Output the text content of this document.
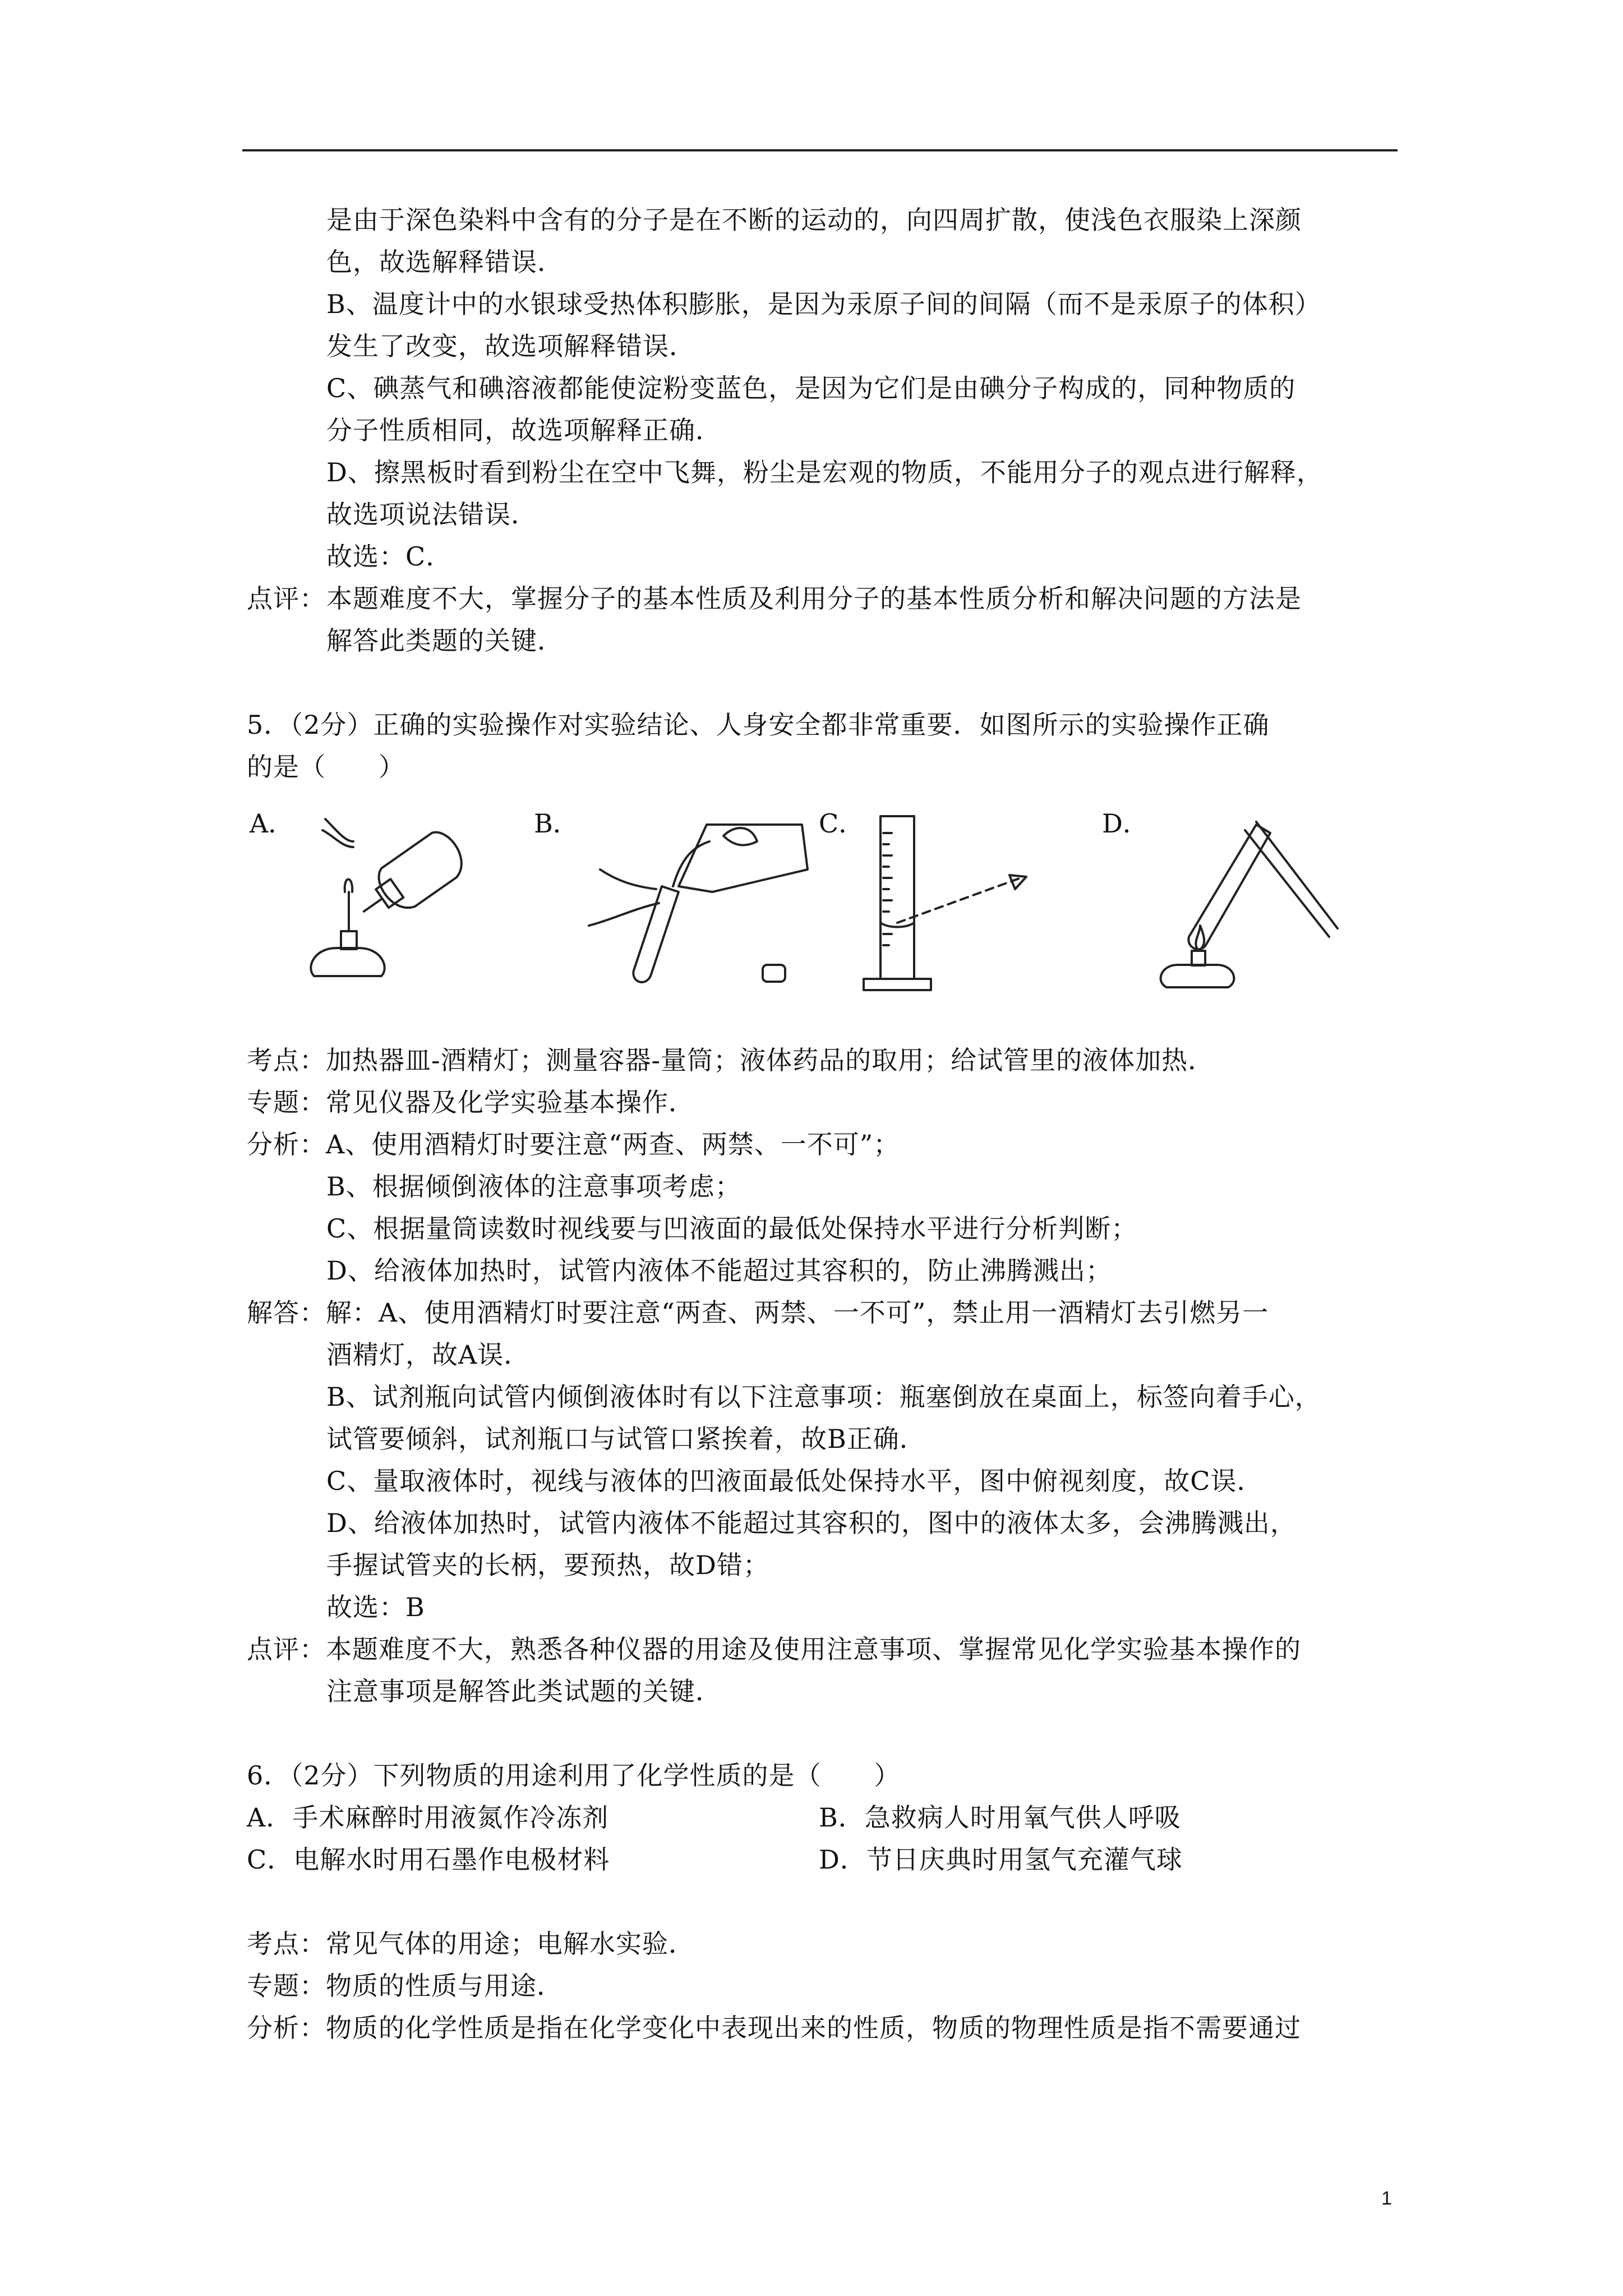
是由于深色染料中含有的分子是在不断的运动的，向四周扩散，使浅色衣服染上深颜
色，故选解释错误．
B、温度计中的水银球受热体积膨胀，是因为汞原子间的间隔（而不是汞原子的体积）
发生了改变，故选项解释错误．
C、碘蒸气和碘溶液都能使淀粉变蓝色，是因为它们是由碘分子构成的，同种物质的
分子性质相同，故选项解释正确．
D、擦黑板时看到粉尘在空中飞舞，粉尘是宏观的物质，不能用分子的观点进行解释，
故选项说法错误．
故选：C．
点评： 本题难度不大，掌握分子的基本性质及利用分子的基本性质分析和解决问题的方法是
解答此类题的关键．
5．（2分）正确的实验操作对实验结论、人身安全都非常重要．如图所示的实验操作正确
的是（　　）
A．	B．	C．	D．
考点：加热器皿-酒精灯；测量容器-量筒；液体药品的取用；给试管里的液体加热．
专题：常见仪器及化学实验基本操作．
分析：A、使用酒精灯时要注意“两查、两禁、一不可”；
B、根据倾倒液体的注意事项考虑；
C、根据量筒读数时视线要与凹液面的最低处保持水平进行分析判断；
D、给液体加热时，试管内液体不能超过其容积的，防止沸腾溅出；
解答：解：A、使用酒精灯时要注意“两查、两禁、一不可”，禁止用一酒精灯去引燃另一
酒精灯，故A误．
B、试剂瓶向试管内倾倒液体时有以下注意事项：瓶塞倒放在桌面上，标签向着手心，
试管要倾斜，试剂瓶口与试管口紧挨着，故B正确．
C、量取液体时，视线与液体的凹液面最低处保持水平，图中俯视刻度，故C误．
D、给液体加热时，试管内液体不能超过其容积的，图中的液体太多，会沸腾溅出，
手握试管夹的长柄，要预热，故D错；
故选：B
点评：本题难度不大，熟悉各种仪器的用途及使用注意事项、掌握常见化学实验基本操作的
注意事项是解答此类试题的关键．
6．（2分）下列物质的用途利用了化学性质的是（　　）
A．手术麻醉时用液氮作冷冻剂	B．急救病人时用氧气供人呼吸
C．电解水时用石墨作电极材料	D．节日庆典时用氢气充灌气球
考点：常见气体的用途；电解水实验．
专题：物质的性质与用途．
分析：物质的化学性质是指在化学变化中表现出来的性质，物质的物理性质是指不需要通过
1
